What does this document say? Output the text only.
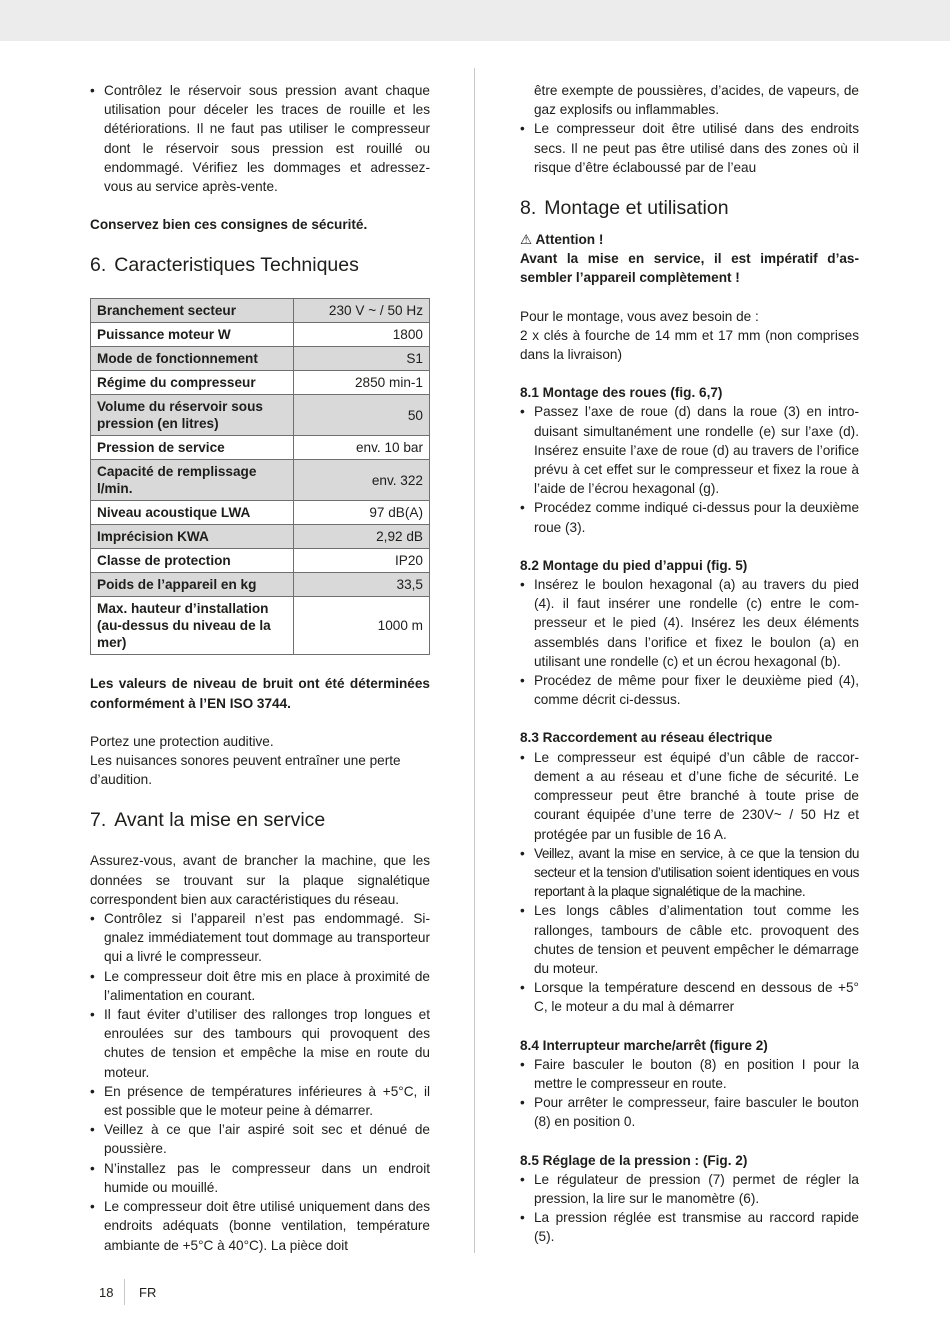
• Contrôlez le réservoir sous pression avant chaque utilisation pour déceler les traces de rouille et les détériorations. Il ne faut pas utiliser le compresseur dont le réservoir sous pression est rouillé ou endommagé. Vérifiez les dommages et adressez-vous au service après-vente.

Conservez bien ces consignes de sécurité.

6. Caracteristiques Techniques
Branchement secteur	230 V ~ / 50 Hz
Puissance moteur W	1800
Mode de fonctionnement	S1
Régime du compresseur	2850 min-1
Volume du réservoir sous pression (en litres)	50
Pression de service	env. 10 bar
Capacité de remplissage l/min.	env. 322
Niveau acoustique LWA	97 dB(A)
Imprécision KWA	2,92 dB
Classe de protection	IP20
Poids de l’appareil en kg	33,5
Max. hauteur d’installation (au-dessus du niveau de la mer)	1000 m

Les valeurs de niveau de bruit ont été déterminées conformément à l’EN ISO 3744.

Portez une protection auditive.

Les nuisances sonores peuvent entraîner une perte d’audition.

7. Avant la mise en service

Assurez-vous, avant de brancher la machine, que les données se trouvant sur la plaque signalétique correspondent bien aux caractéristiques du réseau.

• Contrôlez si l’appareil n’est pas endommagé. Signalez immédiatement tout dommage au transporteur qui a livré le compresseur.
• Le compresseur doit être mis en place à proximité de l’alimentation en courant.
• Il faut éviter d’utiliser des rallonges trop longues et enroulées sur des tambours qui provoquent des chutes de tension et empêche la mise en route du moteur.
• En présence de températures inférieures à +5°C, il est possible que le moteur peine à démarrer.
• Veillez à ce que l’air aspiré soit sec et dénué de poussière.
• N’installez pas le compresseur dans un endroit humide ou mouillé.
• Le compresseur doit être utilisé uniquement dans des endroits adéquats (bonne ventilation, température ambiante de +5°C à 40°C). La pièce doit

être exempte de poussières, d’acides, de vapeurs, de gaz explosifs ou inflammables.

• Le compresseur doit être utilisé dans des endroits secs. Il ne peut pas être utilisé dans des zones où il risque d’être éclaboussé par de l’eau
8. Montage et utilisation

⚠ Attention !

Avant la mise en service, il est impératif d’assembler l’appareil complètement !

Pour le montage, vous avez besoin de :

2 x clés à fourche de 14 mm et 17 mm (non comprises dans la livraison)

8.1 Montage des roues (fig. 6,7)

• Passez l’axe de roue (d) dans la roue (3) en introduisant simultanément une rondelle (e) sur l’axe (d). Insérez ensuite l’axe de roue (d) au travers de l’orifice prévu à cet effet sur le compresseur et fixez la roue à l’aide de l’écrou hexagonal (g).
• Procédez comme indiqué ci-dessus pour la deuxième roue (3).

8.2 Montage du pied d’appui (fig. 5)

• Insérez le boulon hexagonal (a) au travers du pied (4). il faut insérer une rondelle (c) entre le compresseur et le pied (4). Insérez les deux éléments assemblés dans l’orifice et fixez le boulon (a) en utilisant une rondelle (c) et un écrou hexagonal (b).
• Procédez de même pour fixer le deuxième pied (4), comme décrit ci-dessus.

8.3 Raccordement au réseau électrique

• Le compresseur est équipé d’un câble de raccordement a au réseau et d’une fiche de sécurité. Le compresseur peut être branché à toute prise de courant équipée d’une terre de 230V~ / 50 Hz et protégée par un fusible de 16 A.
• Veillez, avant la mise en service, à ce que la tension du secteur et la tension d’utilisation soient identiques en vous reportant à la plaque signalétique de la machine.
• Les longs câbles d’alimentation tout comme les rallonges, tambours de câble etc. provoquent des chutes de tension et peuvent empêcher le démarrage du moteur.
• Lorsque la température descend en dessous de +5° C, le moteur a du mal à démarrer

8.4 Interrupteur marche/arrêt (figure 2)

• Faire basculer le bouton (8) en position I pour la mettre le compresseur en route.
• Pour arrêter le compresseur, faire basculer le bouton (8) en position 0.

8.5 Réglage de la pression : (Fig. 2)

• Le régulateur de pression (7) permet de régler la pression, la lire sur le manomètre (6).
• La pression réglée est transmise au raccord rapide (5).
18 FR
